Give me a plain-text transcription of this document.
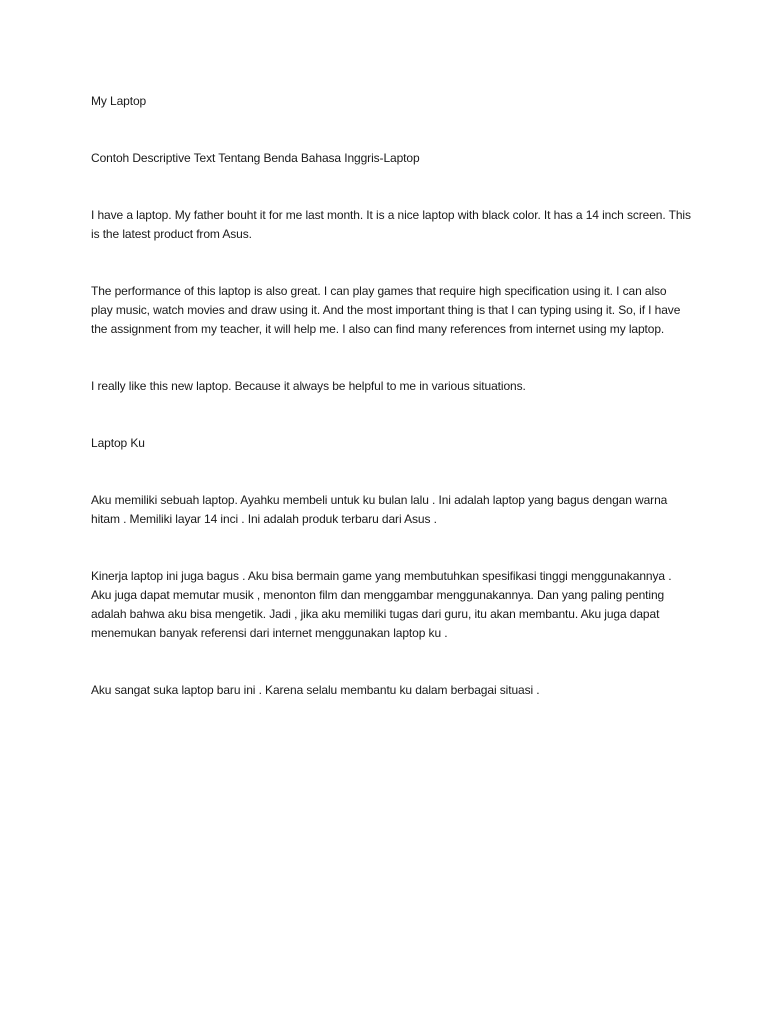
My Laptop

Contoh Descriptive Text Tentang Benda Bahasa Inggris-Laptop

I have a laptop. My father bouht it for me last month. It is a nice laptop with black color. It has a 14 inch screen. This is the latest product from Asus.

The performance of this laptop is also great. I can play games that require high specification using it. I can also play music, watch movies and draw using it. And the most important thing is that I can typing using it. So, if I have the assignment from my teacher, it will help me. I also can find many references from internet using my laptop.

I really like this new laptop. Because it always be helpful to me in various situations.

Laptop Ku

Aku memiliki sebuah laptop. Ayahku membeli untuk ku bulan lalu . Ini adalah laptop yang bagus dengan warna hitam . Memiliki layar 14 inci . Ini adalah produk terbaru dari Asus .

Kinerja laptop ini juga bagus . Aku bisa bermain game yang membutuhkan spesifikasi tinggi menggunakannya . Aku juga dapat memutar musik , menonton film dan menggambar menggunakannya. Dan yang paling penting adalah bahwa aku bisa mengetik. Jadi , jika aku memiliki tugas dari guru, itu akan membantu. Aku juga dapat menemukan banyak referensi dari internet menggunakan laptop ku .

Aku sangat suka laptop baru ini . Karena selalu membantu ku dalam berbagai situasi .
